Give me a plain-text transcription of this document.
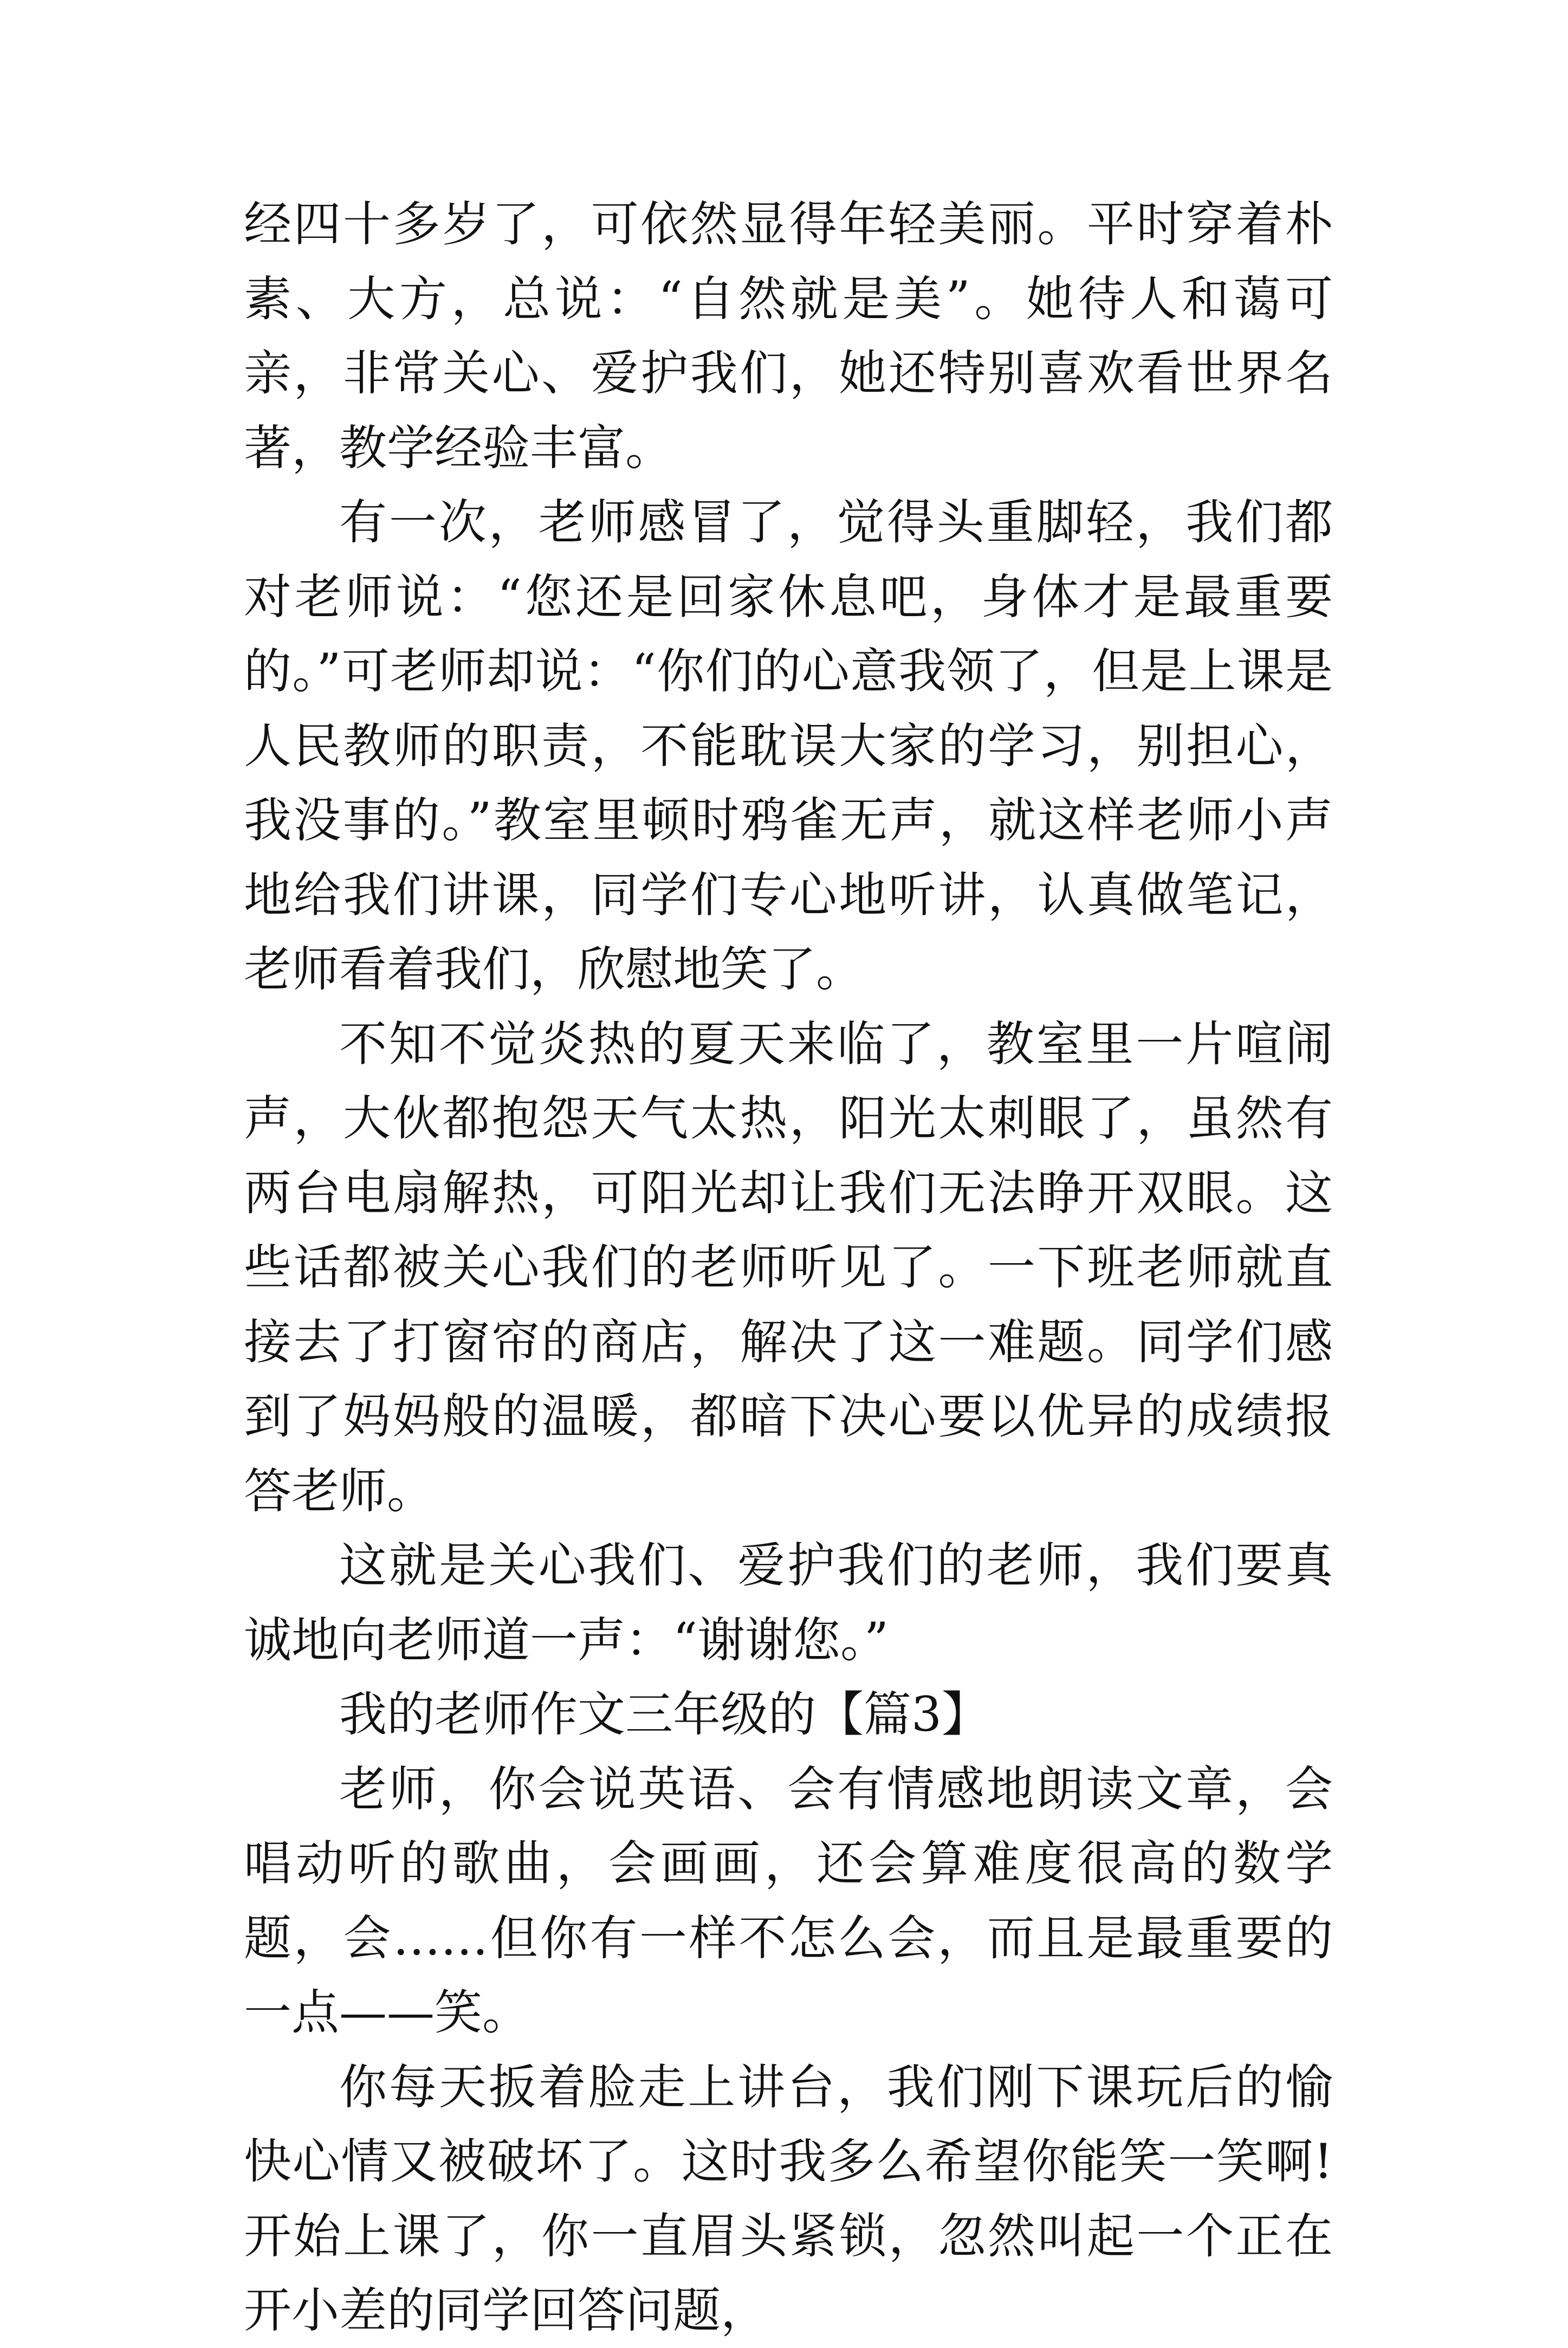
经四十多岁了，可依然显得年轻美丽。平时穿着朴素、大方，总说：“自然就是美”。她待人和蔼可亲，非常关心、爱护我们，她还特别喜欢看世界名著，教学经验丰富。

有一次，老师感冒了，觉得头重脚轻，我们都对老师说：“您还是回家休息吧，身体才是最重要的。”可老师却说：“你们的心意我领了，但是上课是人民教师的职责，不能耽误大家的学习，别担心，我没事的。”教室里顿时鸦雀无声，就这样老师小声地给我们讲课，同学们专心地听讲，认真做笔记，老师看着我们，欣慰地笑了。

不知不觉炎热的夏天来临了，教室里一片喧闹声，大伙都抱怨天气太热，阳光太刺眼了，虽然有两台电扇解热，可阳光却让我们无法睁开双眼。这些话都被关心我们的老师听见了。一下班老师就直接去了打窗帘的商店，解决了这一难题。同学们感到了妈妈般的温暖，都暗下决心要以优异的成绩报答老师。

这就是关心我们、爱护我们的老师，我们要真诚地向老师道一声：“谢谢您。”

我的老师作文三年级的【篇3】

老师，你会说英语、会有情感地朗读文章，会唱动听的歌曲，会画画，还会算难度很高的数学题，会……但你有一样不怎么会，而且是最重要的一点——笑。

你每天扳着脸走上讲台，我们刚下课玩后的愉快心情又被破坏了。这时我多么希望你能笑一笑啊!开始上课了，你一直眉头紧锁，忽然叫起一个正在开小差的同学回答问题，
